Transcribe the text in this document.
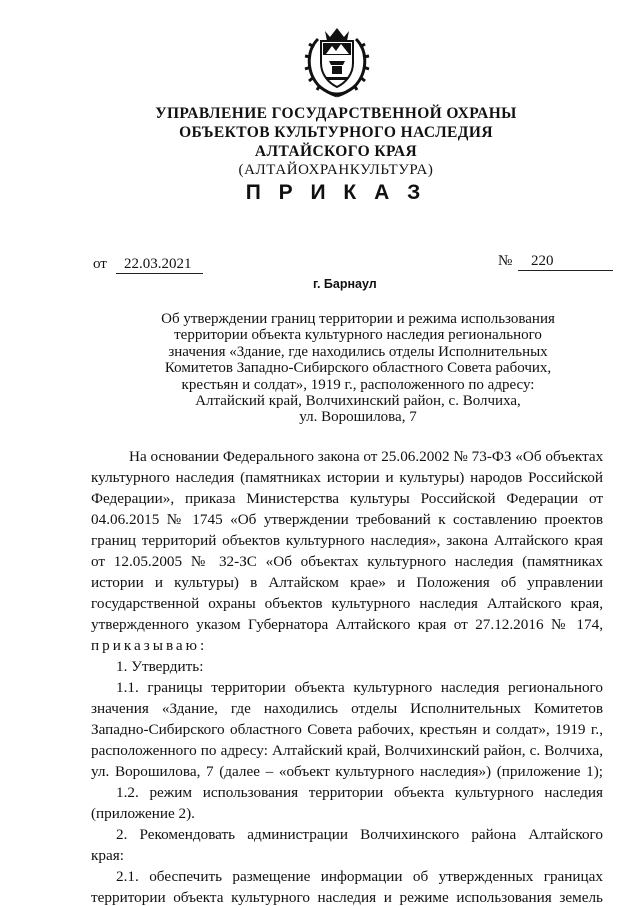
УПРАВЛЕНИЕ ГОСУДАРСТВЕННОЙ ОХРАНЫ
ОБЪЕКТОВ КУЛЬТУРНОГО НАСЛЕДИЯ
АЛТАЙСКОГО КРАЯ
(АЛТАЙОХРАНКУЛЬТУРА)
П Р И К А З
от	22.03.2021	№	220
г. Барнаул
Об утверждении границ территории и режима использования
территории объекта культурного наследия регионального
значения «Здание, где находились отделы Исполнительных
Комитетов Западно-Сибирского областного Совета рабочих,
крестьян и солдат», 1919 г., расположенного по адресу:
Алтайский край, Волчихинский район, с. Волчиха,
ул. Ворошилова, 7
На основании Федерального закона от 25.06.2002 № 73-ФЗ «Об объектах
культурного наследия (памятниках истории и культуры) народов Российской
Федерации», приказа Министерства культуры Российской Федерации от
04.06.2015 № 1745 «Об утверждении требований к составлению проектов
границ территорий объектов культурного наследия», закона Алтайского края
от 12.05.2005 № 32-ЗС «Об объектах культурного наследия (памятниках
истории и культуры) в Алтайском крае» и Положения об управлении
государственной охраны объектов культурного наследия Алтайского края,
утвержденного указом Губернатора Алтайского края от 27.12.2016 № 174,
приказываю:
1. Утвердить:
1.1. границы территории объекта культурного наследия регионального
значения «Здание, где находились отделы Исполнительных Комитетов
Западно-Сибирского областного Совета рабочих, крестьян и солдат», 1919 г.,
расположенного по адресу: Алтайский край, Волчихинский район, с. Волчиха,
ул. Ворошилова, 7 (далее – «объект культурного наследия») (приложение 1);
1.2. режим использования территории объекта культурного наследия
(приложение 2).
2. Рекомендовать администрации Волчихинского района Алтайского
края:
2.1. обеспечить размещение информации об утвержденных границах
территории объекта культурного наследия и режиме использования земель
